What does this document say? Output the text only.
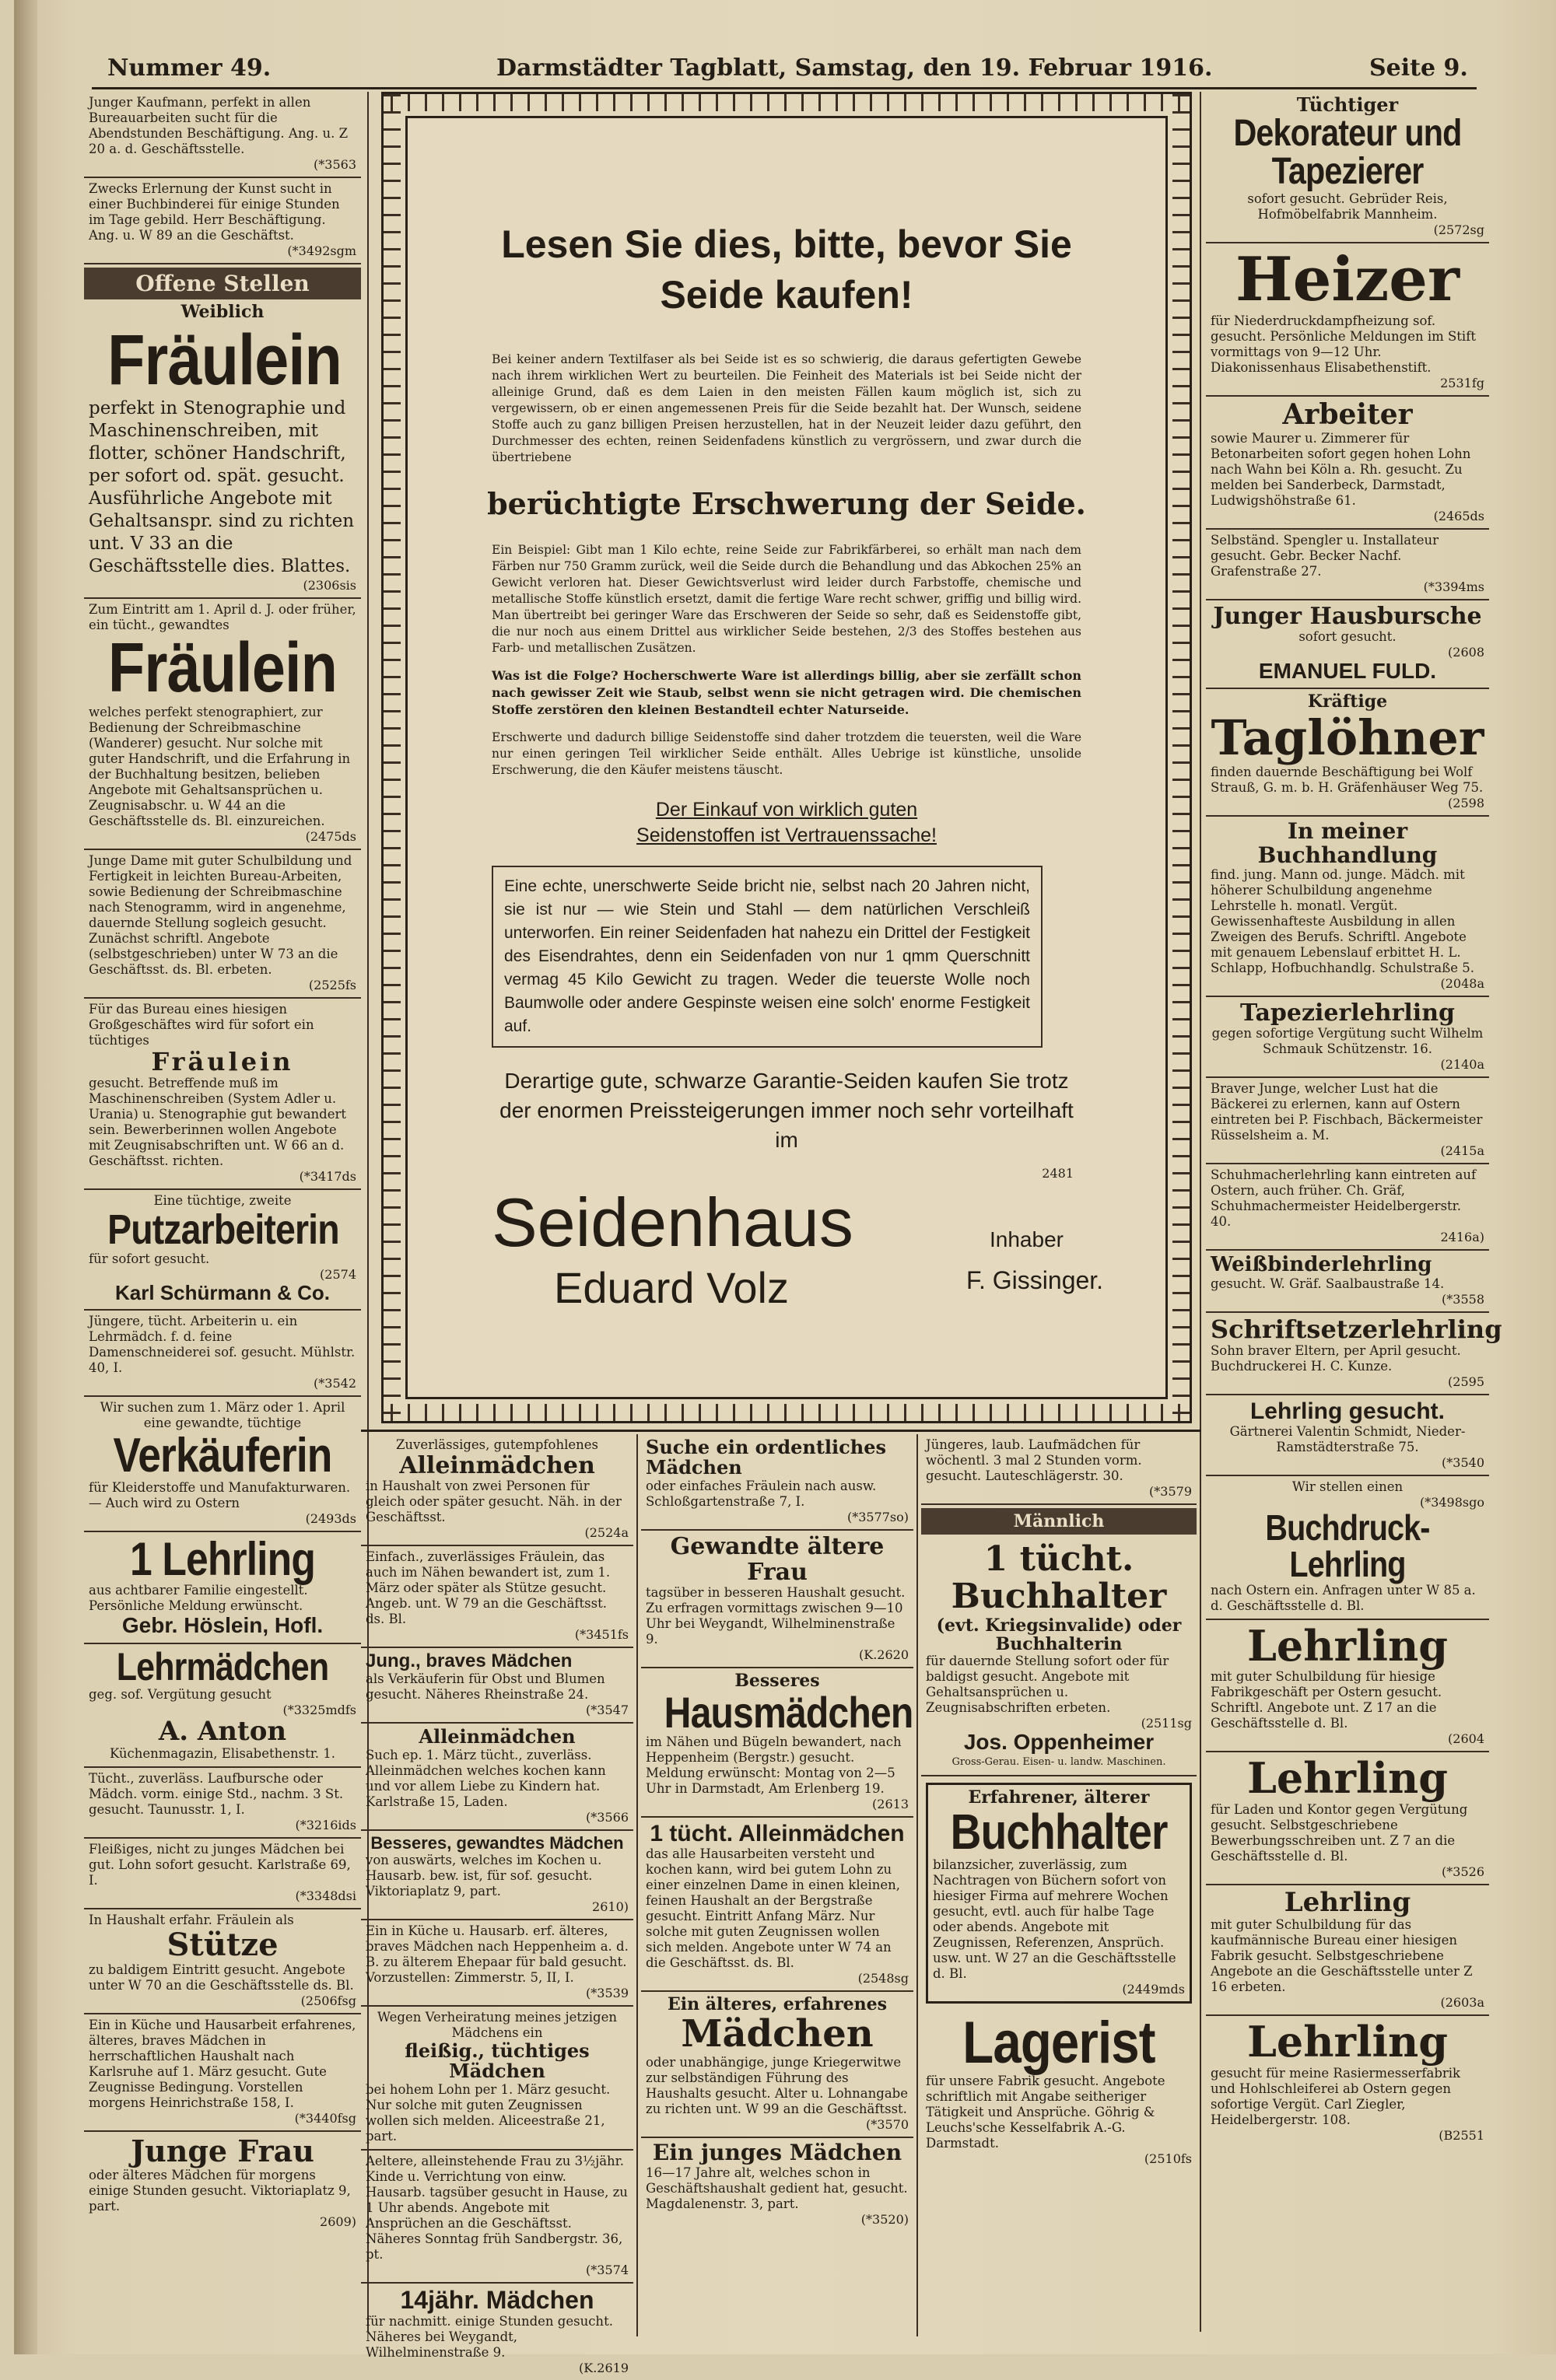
Nummer 49.	Darmstädter Tagblatt, Samstag, den 19. Februar 1916.	Seite 9.

Junger Kaufmann, perfekt in allen Bureauarbeiten sucht für die Abendstunden Beschäftigung. Ang. u. Z 20 a. d. Geschäftsstelle.

(*3563

Zwecks Erlernung der Kunst sucht in einer Buchbinderei für einige Stunden im Tage gebild. Herr Beschäftigung. Ang. u. W 89 an die Geschäftst.

(*3492sgm

Offene Stellen

Weiblich

Fräulein

perfekt in Stenographie und Maschinenschreiben, mit flotter, schöner Handschrift, per sofort od. spät. gesucht. Ausführliche Angebote mit Gehaltsanspr. sind zu richten unt. V 33 an die Geschäftsstelle dies. Blattes.

(2306sis

Zum Eintritt am 1. April d. J. oder früher, ein tücht., gewandtes

Fräulein

welches perfekt stenographiert, zur Bedienung der Schreibmaschine (Wanderer) gesucht. Nur solche mit guter Handschrift, und die Erfahrung in der Buchhaltung besitzen, belieben Angebote mit Gehaltsansprüchen u. Zeugnisabschr. u. W 44 an die Geschäftsstelle ds. Bl. einzureichen.

(2475ds

Junge Dame mit guter Schulbildung und Fertigkeit in leichten Bureau-Arbeiten, sowie Bedienung der Schreibmaschine nach Stenogramm, wird in angenehme, dauernde Stellung sogleich gesucht. Zunächst schriftl. Angebote (selbstgeschrieben) unter W 73 an die Geschäftsst. ds. Bl. erbeten.

(2525fs

Für das Bureau eines hiesigen Großgeschäftes wird für sofort ein tüchtiges

Fräulein

gesucht. Betreffende muß im Maschinenschreiben (System Adler u. Urania) u. Stenographie gut bewandert sein. Bewerberinnen wollen Angebote mit Zeugnisabschriften unt. W 66 an d. Geschäftsst. richten.

(*3417ds

Eine tüchtige, zweite

Putzarbeiterin

für sofort gesucht.

(2574

Karl Schürmann & Co.

Jüngere, tücht. Arbeiterin u. ein Lehrmädch. f. d. feine Damenschneiderei sof. gesucht. Mühlstr. 40, I.

(*3542

Wir suchen zum 1. März oder 1. April eine gewandte, tüchtige

Verkäuferin

für Kleiderstoffe und Manufakturwaren. — Auch wird zu Ostern

(2493ds

1 Lehrling

aus achtbarer Familie eingestellt. Persönliche Meldung erwünscht.

Gebr. Höslein, Hofl.

Lehrmädchen

geg. sof. Vergütung gesucht

(*3325mdfs

A. Anton

Küchenmagazin, Elisabethenstr. 1.

Tücht., zuverläss. Laufbursche oder Mädch. vorm. einige Std., nachm. 3 St. gesucht. Taunusstr. 1, I.

(*3216ids

Fleißiges, nicht zu junges Mädchen bei gut. Lohn sofort gesucht. Karlstraße 69, I.

(*3348dsi

In Haushalt erfahr. Fräulein als

Stütze

zu baldigem Eintritt gesucht. Angebote unter W 70 an die Geschäftsstelle ds. Bl.

(2506fsg

Ein in Küche und Hausarbeit erfahrenes, älteres, braves Mädchen in herrschaftlichen Haushalt nach Karlsruhe auf 1. März gesucht. Gute Zeugnisse Bedingung. Vorstellen morgens Heinrichstraße 158, I.

(*3440fsg

Junge Frau

oder älteres Mädchen für morgens einige Stunden gesucht. Viktoriaplatz 9, part.

2609)

Lesen Sie dies, bitte, bevor Sie Seide kaufen!

Bei keiner andern Textilfaser als bei Seide ist es so schwierig, die daraus gefertigten Gewebe nach ihrem wirklichen Wert zu beurteilen. Die Feinheit des Materials ist bei Seide nicht der alleinige Grund, daß es dem Laien in den meisten Fällen kaum möglich ist, sich zu vergewissern, ob er einen angemessenen Preis für die Seide bezahlt hat. Der Wunsch, seidene Stoffe auch zu ganz billigen Preisen herzustellen, hat in der Neuzeit leider dazu geführt, den Durchmesser des echten, reinen Seidenfadens künstlich zu vergrössern, und zwar durch die übertriebene

berüchtigte Erschwerung der Seide.

Ein Beispiel: Gibt man 1 Kilo echte, reine Seide zur Fabrikfärberei, so erhält man nach dem Färben nur 750 Gramm zurück, weil die Seide durch die Behandlung und das Abkochen 25% an Gewicht verloren hat. Dieser Gewichtsverlust wird leider durch Farbstoffe, chemische und metallische Stoffe künstlich ersetzt, damit die fertige Ware recht schwer, griffig und billig wird. Man übertreibt bei geringer Ware das Erschweren der Seide so sehr, daß es Seidenstoffe gibt, die nur noch aus einem Drittel aus wirklicher Seide bestehen, 2/3 des Stoffes bestehen aus Farb- und metallischen Zusätzen.

Was ist die Folge? Hocherschwerte Ware ist allerdings billig, aber sie zerfällt schon nach gewisser Zeit wie Staub, selbst wenn sie nicht getragen wird. Die chemischen Stoffe zerstören den kleinen Bestandteil echter Naturseide.

Erschwerte und dadurch billige Seidenstoffe sind daher trotzdem die teuersten, weil die Ware nur einen geringen Teil wirklicher Seide enthält. Alles Uebrige ist künstliche, unsolide Erschwerung, die den Käufer meistens täuscht.

Der Einkauf von wirklich guten

Seidenstoffen ist Vertrauenssache!

Eine echte, unerschwerte Seide bricht nie, selbst nach 20 Jahren nicht, sie ist nur — wie Stein und Stahl — dem natürlichen Verschleiß unterworfen. Ein reiner Seidenfaden hat nahezu ein Drittel der Festigkeit des Eisendrahtes, denn ein Seidenfaden von nur 1 qmm Querschnitt vermag 45 Kilo Gewicht zu tragen. Weder die teuerste Wolle noch Baumwolle oder andere Gespinste weisen eine solch' enorme Festigkeit auf.

Derartige gute, schwarze Garantie-Seiden kaufen Sie trotz der enormen Preissteigerungen immer noch sehr vorteilhaft im

2481

Seidenhaus
Eduard Volz
Inhaber
F. Gissinger.

Tüchtiger

Dekorateur und Tapezierer

sofort gesucht. Gebrüder Reis, Hofmöbelfabrik Mannheim.

(2572sg

Heizer

für Niederdruckdampfheizung sof. gesucht. Persönliche Meldungen im Stift vormittags von 9—12 Uhr. Diakonissenhaus Elisabethenstift.

2531fg

Arbeiter

sowie Maurer u. Zimmerer für Betonarbeiten sofort gegen hohen Lohn nach Wahn bei Köln a. Rh. gesucht. Zu melden bei Sanderbeck, Darmstadt, Ludwigshöhstraße 61.

(2465ds

Selbständ. Spengler u. Installateur gesucht. Gebr. Becker Nachf. Grafenstraße 27.

(*3394ms

Junger Hausbursche

sofort gesucht.

(2608

EMANUEL FULD.

Kräftige

Taglöhner

finden dauernde Beschäftigung bei Wolf Strauß, G. m. b. H. Gräfenhäuser Weg 75.

(2598

In meiner Buchhandlung

find. jung. Mann od. junge. Mädch. mit höherer Schulbildung angenehme Lehrstelle h. monatl. Vergüt. Gewissenhafteste Ausbildung in allen Zweigen des Berufs. Schriftl. Angebote mit genauem Lebenslauf erbittet H. L. Schlapp, Hofbuchhandlg. Schulstraße 5.

(2048a

Tapezierlehrling

gegen sofortige Vergütung sucht Wilhelm Schmauk Schützenstr. 16.

(2140a

Braver Junge, welcher Lust hat die Bäckerei zu erlernen, kann auf Ostern eintreten bei P. Fischbach, Bäckermeister Rüsselsheim a. M.

(2415a

Schuhmacherlehrling kann eintreten auf Ostern, auch früher. Ch. Gräf, Schuhmachermeister Heidelbergerstr. 40.

2416a)

Weißbinderlehrling

gesucht. W. Gräf. Saalbaustraße 14.

(*3558

Schriftsetzerlehrling

Sohn braver Eltern, per April gesucht. Buchdruckerei H. C. Kunze.

(2595

Lehrling gesucht.

Gärtnerei Valentin Schmidt, Nieder-Ramstädterstraße 75.

(*3540

Wir stellen einen

(*3498sgo

Buchdruck-Lehrling

nach Ostern ein. Anfragen unter W 85 a. d. Geschäftsstelle d. Bl.

Lehrling

mit guter Schulbildung für hiesige Fabrikgeschäft per Ostern gesucht. Schriftl. Angebote unt. Z 17 an die Geschäftsstelle d. Bl.

(2604

Lehrling

für Laden und Kontor gegen Vergütung gesucht. Selbstgeschriebene Bewerbungsschreiben unt. Z 7 an die Geschäftsstelle d. Bl.

(*3526

Lehrling

mit guter Schulbildung für das kaufmännische Bureau einer hiesigen Fabrik gesucht. Selbstgeschriebene Angebote an die Geschäftsstelle unter Z 16 erbeten.

(2603a

Lehrling

gesucht für meine Rasiermesserfabrik und Hohlschleiferei ab Ostern gegen sofortige Vergüt. Carl Ziegler, Heidelbergerstr. 108.

(B2551

Zuverlässiges, gutempfohlenes

Alleinmädchen

in Haushalt von zwei Personen für gleich oder später gesucht. Näh. in der Geschäftsst.

(2524a

Einfach., zuverlässiges Fräulein, das auch im Nähen bewandert ist, zum 1. März oder später als Stütze gesucht. Angeb. unt. W 79 an die Geschäftsst. ds. Bl.

(*3451fs

Jung., braves Mädchen

als Verkäuferin für Obst und Blumen gesucht. Näheres Rheinstraße 24.

(*3547

Alleinmädchen

Such ep. 1. März tücht., zuverläss. Alleinmädchen welches kochen kann und vor allem Liebe zu Kindern hat. Karlstraße 15, Laden.

(*3566

Besseres, gewandtes Mädchen

von auswärts, welches im Kochen u. Hausarb. bew. ist, für sof. gesucht. Viktoriaplatz 9, part.

2610)

Ein in Küche u. Hausarb. erf. älteres, braves Mädchen nach Heppenheim a. d. B. zu älterem Ehepaar für bald gesucht. Vorzustellen: Zimmerstr. 5, II, I.

(*3539

Wegen Verheiratung meines jetzigen Mädchens ein

fleißig., tüchtiges Mädchen

bei hohem Lohn per 1. März gesucht. Nur solche mit guten Zeugnissen wollen sich melden. Aliceestraße 21, part.

Aeltere, alleinstehende Frau zu 3½jähr. Kinde u. Verrichtung von einw. Hausarb. tagsüber gesucht in Hause, zu 1 Uhr abends. Angebote mit Ansprüchen an die Geschäftsst. Näheres Sonntag früh Sandbergstr. 36, pt.

(*3574

14jähr. Mädchen

für nachmitt. einige Stunden gesucht. Näheres bei Weygandt, Wilhelminenstraße 9.

(K.2619

Suche ein ordentliches Mädchen

oder einfaches Fräulein nach ausw. Schloßgartenstraße 7, I.

(*3577so)

Gewandte ältere Frau

tagsüber in besseren Haushalt gesucht. Zu erfragen vormittags zwischen 9—10 Uhr bei Weygandt, Wilhelminenstraße 9.

(K.2620

Besseres

Hausmädchen

im Nähen und Bügeln bewandert, nach Heppenheim (Bergstr.) gesucht. Meldung erwünscht: Montag von 2—5 Uhr in Darmstadt, Am Erlenberg 19.

(2613

1 tücht. Alleinmädchen

das alle Hausarbeiten versteht und kochen kann, wird bei gutem Lohn zu einer einzelnen Dame in einen kleinen, feinen Haushalt an der Bergstraße gesucht. Eintritt Anfang März. Nur solche mit guten Zeugnissen wollen sich melden. Angebote unter W 74 an die Geschäftsst. ds. Bl.

(2548sg

Ein älteres, erfahrenes

Mädchen

oder unabhängige, junge Kriegerwitwe zur selbständigen Führung des Haushalts gesucht. Alter u. Lohnangabe zu richten unt. W 99 an die Geschäftsst.

(*3570

Ein junges Mädchen

16—17 Jahre alt, welches schon in Geschäftshaushalt gedient hat, gesucht. Magdalenenstr. 3, part.

(*3520)

Jüngeres, laub. Laufmädchen für wöchentl. 3 mal 2 Stunden vorm. gesucht. Lauteschlägerstr. 30.

(*3579

Männlich

1 tücht. Buchhalter

(evt. Kriegsinvalide) oder Buchhalterin

für dauernde Stellung sofort oder für baldigst gesucht. Angebote mit Gehaltsansprüchen u. Zeugnisabschriften erbeten.

(2511sg

Jos. Oppenheimer

Gross-Gerau. Eisen- u. landw. Maschinen.

Erfahrener, älterer

Buchhalter

bilanzsicher, zuverlässig, zum Nachtragen von Büchern sofort von hiesiger Firma auf mehrere Wochen gesucht, evtl. auch für halbe Tage oder abends. Angebote mit Zeugnissen, Referenzen, Ansprüch. usw. unt. W 27 an die Geschäftsstelle d. Bl.

(2449mds

Lagerist

für unsere Fabrik gesucht. Angebote schriftlich mit Angabe seitheriger Tätigkeit und Ansprüche. Göhrig & Leuchs'sche Kesselfabrik A.-G. Darmstadt.

(2510fs
